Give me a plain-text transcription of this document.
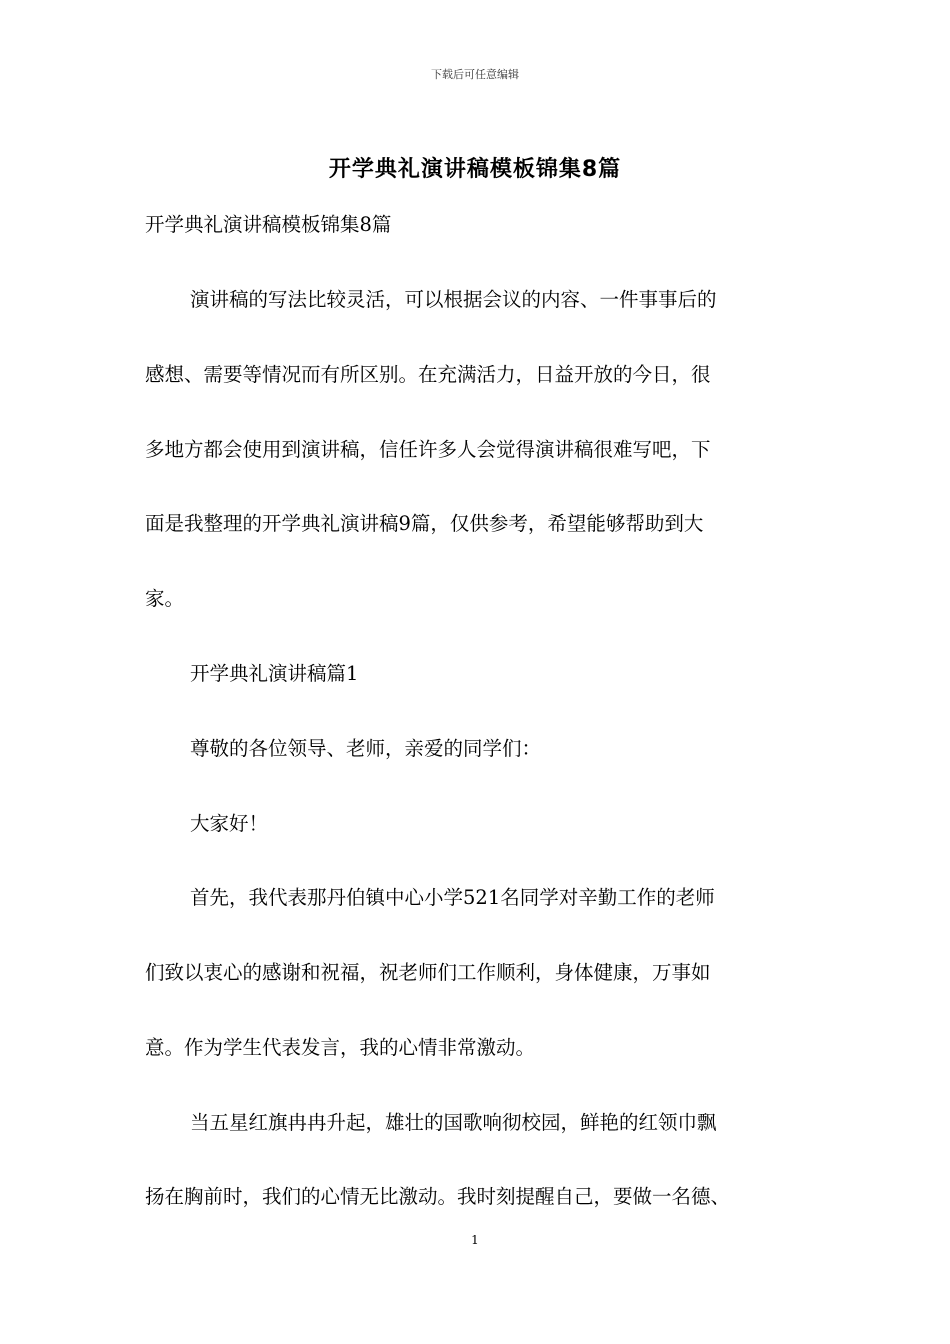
下载后可任意编辑
开学典礼演讲稿模板锦集8篇
开学典礼演讲稿模板锦集8篇
演讲稿的写法比较灵活，可以根据会议的内容、一件事事后的
感想、需要等情况而有所区别。在充满活力，日益开放的今日，很
多地方都会使用到演讲稿，信任许多人会觉得演讲稿很难写吧，下
面是我整理的开学典礼演讲稿9篇，仅供参考，希望能够帮助到大
家。
开学典礼演讲稿篇1
尊敬的各位领导、老师，亲爱的同学们：
大家好！
首先，我代表那丹伯镇中心小学521名同学对辛勤工作的老师
们致以衷心的感谢和祝福，祝老师们工作顺利，身体健康，万事如
意。作为学生代表发言，我的心情非常激动。
当五星红旗冉冉升起，雄壮的国歌响彻校园，鲜艳的红领巾飘
扬在胸前时，我们的心情无比激动。我时刻提醒自己，要做一名德、
1
